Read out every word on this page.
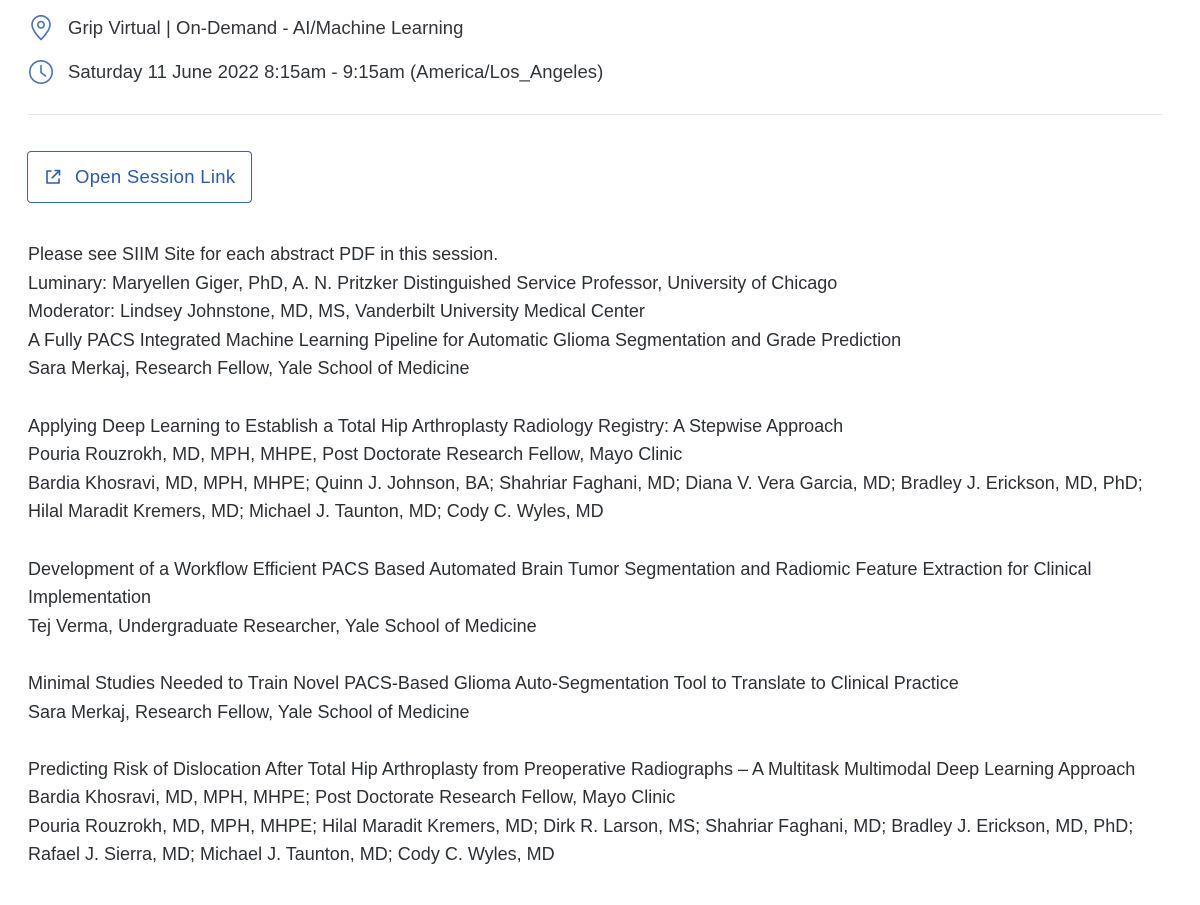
Grip Virtual | On-Demand - AI/Machine Learning
Saturday 11 June 2022 8:15am - 9:15am (America/Los_Angeles)
Open Session Link
Please see SIIM Site for each abstract PDF in this session.
Luminary: Maryellen Giger, PhD, A. N. Pritzker Distinguished Service Professor, University of Chicago
Moderator: Lindsey Johnstone, MD, MS, Vanderbilt University Medical Center
A Fully PACS Integrated Machine Learning Pipeline for Automatic Glioma Segmentation and Grade Prediction
Sara Merkaj, Research Fellow, Yale School of Medicine
Applying Deep Learning to Establish a Total Hip Arthroplasty Radiology Registry: A Stepwise Approach
Pouria Rouzrokh, MD, MPH, MHPE, Post Doctorate Research Fellow, Mayo Clinic
Bardia Khosravi, MD, MPH, MHPE; Quinn J. Johnson, BA; Shahriar Faghani, MD; Diana V. Vera Garcia, MD; Bradley J. Erickson, MD, PhD;
Hilal Maradit Kremers, MD; Michael J. Taunton, MD; Cody C. Wyles, MD
Development of a Workflow Efficient PACS Based Automated Brain Tumor Segmentation and Radiomic Feature Extraction for Clinical Implementation
Tej Verma, Undergraduate Researcher, Yale School of Medicine
Minimal Studies Needed to Train Novel PACS-Based Glioma Auto-Segmentation Tool to Translate to Clinical Practice
Sara Merkaj, Research Fellow, Yale School of Medicine
Predicting Risk of Dislocation After Total Hip Arthroplasty from Preoperative Radiographs – A Multitask Multimodal Deep Learning Approach
Bardia Khosravi, MD, MPH, MHPE; Post Doctorate Research Fellow, Mayo Clinic
Pouria Rouzrokh, MD, MPH, MHPE; Hilal Maradit Kremers, MD; Dirk R. Larson, MS; Shahriar Faghani, MD; Bradley J. Erickson, MD, PhD;
Rafael J. Sierra, MD; Michael J. Taunton, MD; Cody C. Wyles, MD
